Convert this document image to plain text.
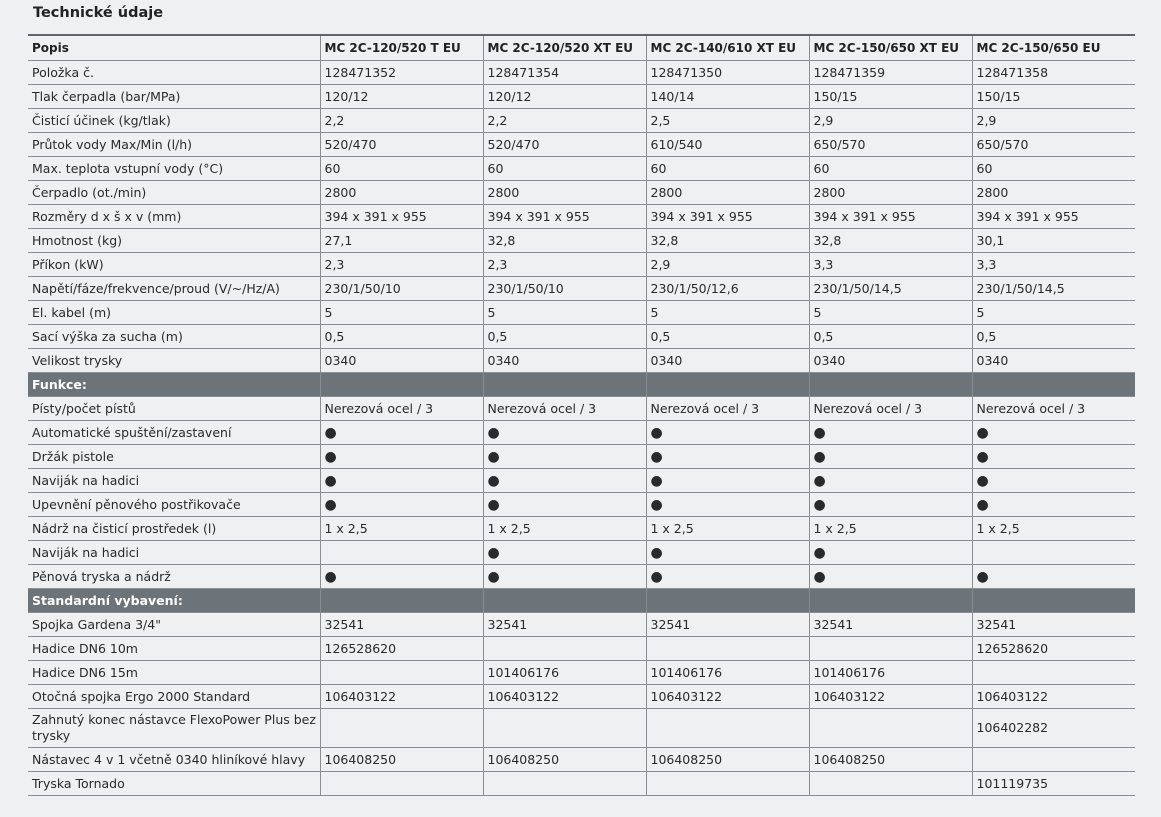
Technické údaje
Popis	MC 2C-120/520 T EU	MC 2C-120/520 XT EU	MC 2C-140/610 XT EU	MC 2C-150/650 XT EU	MC 2C-150/650 EU
Položka č.	128471352	128471354	128471350	128471359	128471358
Tlak čerpadla (bar/MPa)	120/12	120/12	140/14	150/15	150/15
Čisticí účinek (kg/tlak)	2,2	2,2	2,5	2,9	2,9
Průtok vody Max/Min (l/h)	520/470	520/470	610/540	650/570	650/570
Max. teplota vstupní vody (°C)	60	60	60	60	60
Čerpadlo (ot./min)	2800	2800	2800	2800	2800
Rozměry d x š x v (mm)	394 x 391 x 955	394 x 391 x 955	394 x 391 x 955	394 x 391 x 955	394 x 391 x 955
Hmotnost (kg)	27,1	32,8	32,8	32,8	30,1
Příkon (kW)	2,3	2,3	2,9	3,3	3,3
Napětí/fáze/frekvence/proud (V/~/Hz/A)	230/1/50/10	230/1/50/10	230/1/50/12,6	230/1/50/14,5	230/1/50/14,5
El. kabel (m)	5	5	5	5	5
Sací výška za sucha (m)	0,5	0,5	0,5	0,5	0,5
Velikost trysky	0340	0340	0340	0340	0340
Funkce:					
Písty/počet pístů	Nerezová ocel / 3	Nerezová ocel / 3	Nerezová ocel / 3	Nerezová ocel / 3	Nerezová ocel / 3
Automatické spuštění/zastavení	●	●	●	●	●
Držák pistole	●	●	●	●	●
Naviják na hadici	●	●	●	●	●
Upevnění pěnového postřikovače	●	●	●	●	●
Nádrž na čisticí prostředek (l)	1 x 2,5	1 x 2,5	1 x 2,5	1 x 2,5	1 x 2,5
Naviják na hadici		●	●	●	
Pěnová tryska a nádrž	●	●	●	●	●
Standardní vybavení:					
Spojka Gardena 3/4"	32541	32541	32541	32541	32541
Hadice DN6 10m	126528620				126528620
Hadice DN6 15m		101406176	101406176	101406176	
Otočná spojka Ergo 2000 Standard	106403122	106403122	106403122	106403122	106403122
Zahnutý konec nástavce FlexoPower Plus bez trysky					106402282
Nástavec 4 v 1 včetně 0340 hliníkové hlavy	106408250	106408250	106408250	106408250	
Tryska Tornado					101119735
